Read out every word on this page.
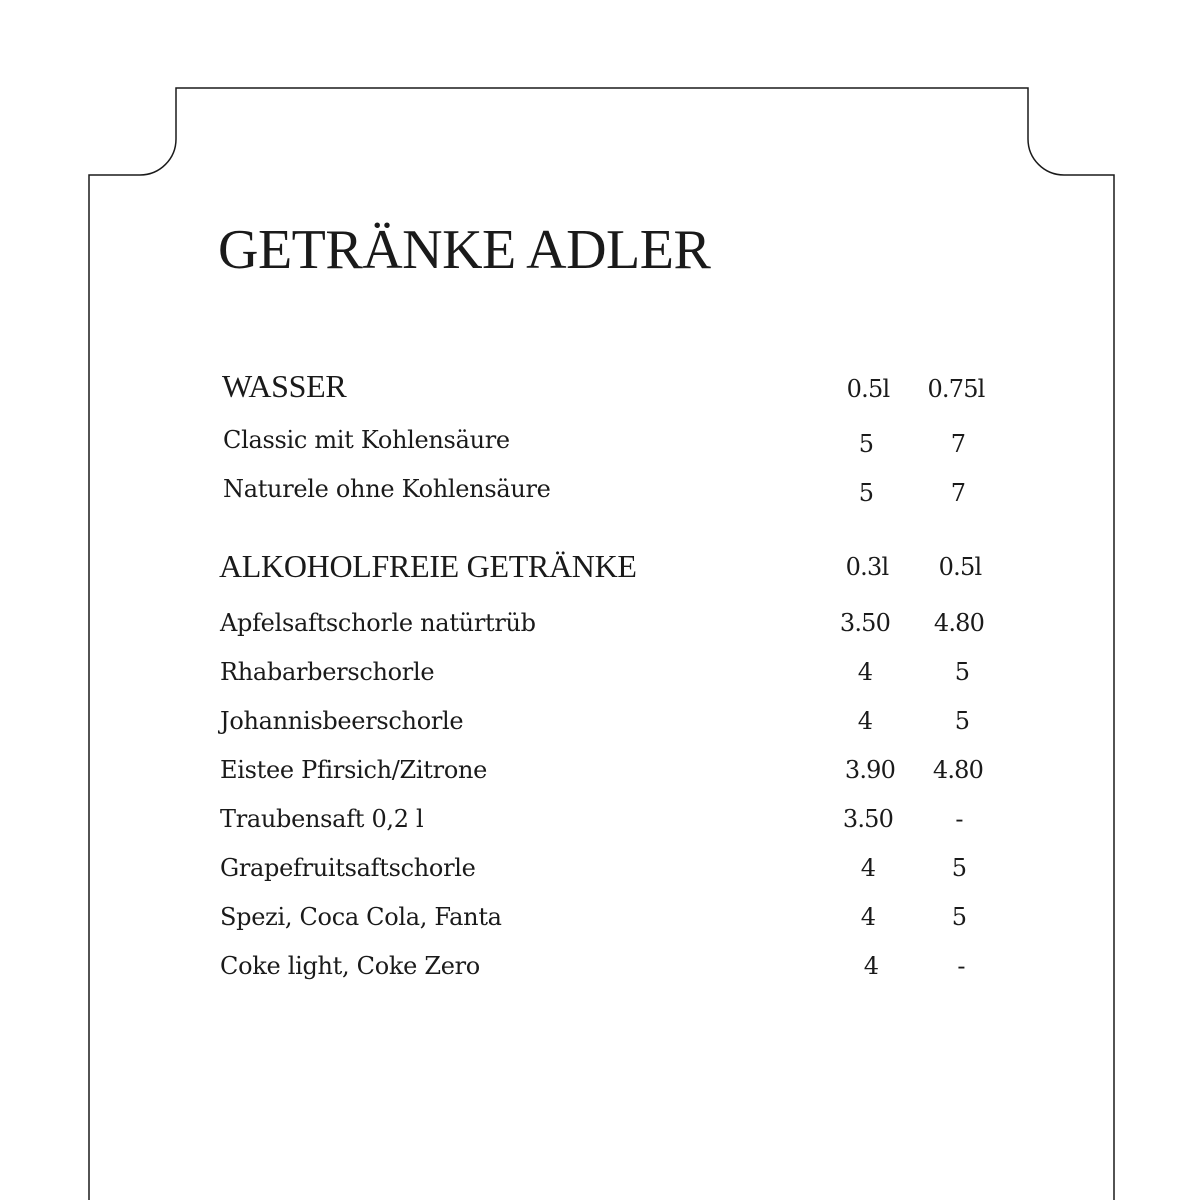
GETRÄNKE ADLER
WASSER	0.5l	0.75l
Classic mit Kohlensäure	5	7
Naturele ohne Kohlensäure	5	7
ALKOHOLFREIE GETRÄNKE	0.3l	0.5l
Apfelsaftschorle natürtrüb	3.50	4.80
Rhabarberschorle	4	5
Johannisbeerschorle	4	5
Eistee Pfirsich/Zitrone	3.90	4.80
Traubensaft 0,2 l	3.50	-
Grapefruitsaftschorle	4	5
Spezi, Coca Cola, Fanta	4	5
Coke light, Coke Zero	4	-
